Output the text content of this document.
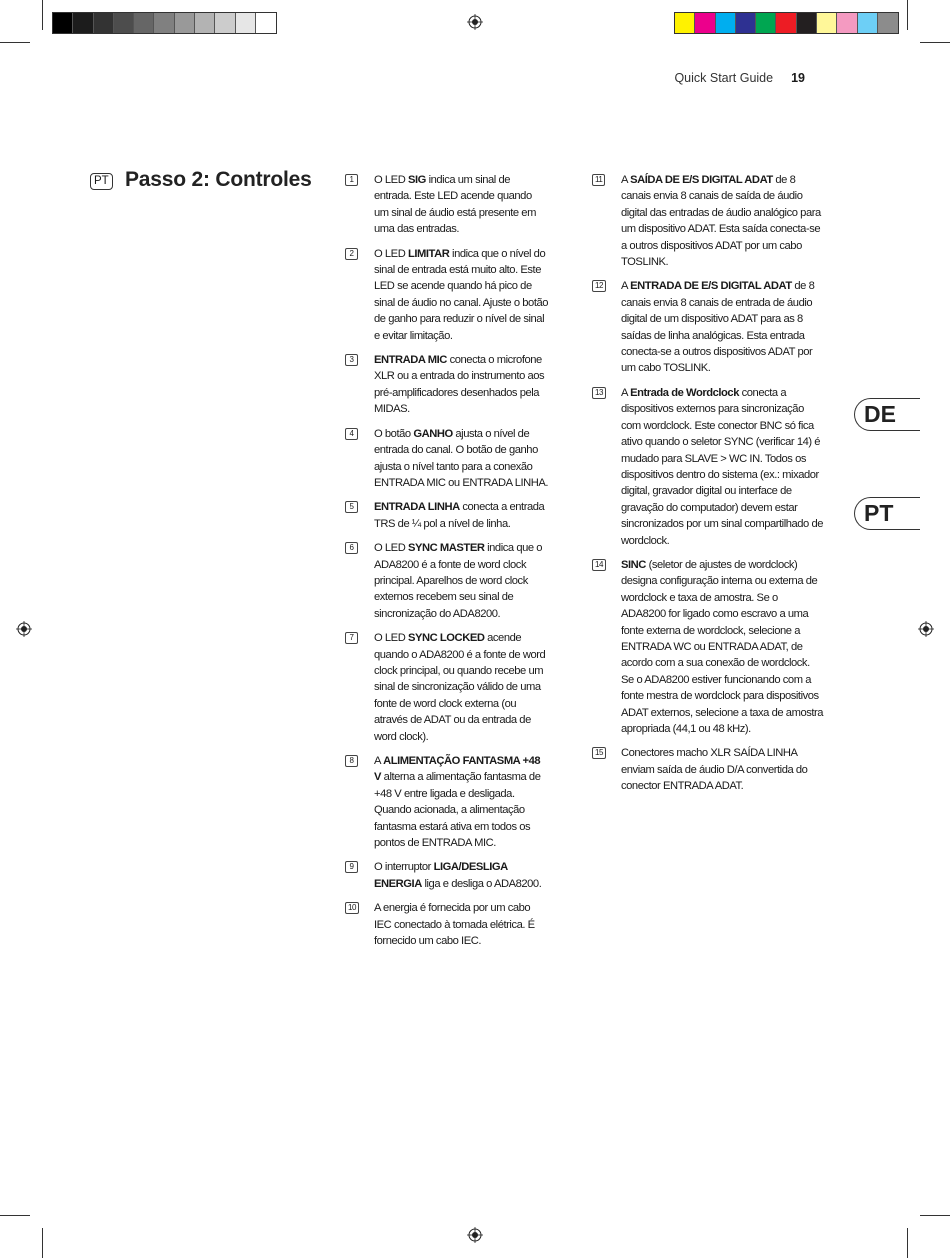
Quick Start Guide 19
PT Passo 2: Controles	1	O LED SIG indica um sinal de entrada. Este LED acende quando um sinal de áudio está presente em uma das entradas.

2	O LED LIMITAR indica que o nível do sinal de entrada está muito alto. Este LED se acende quando há pico de sinal de áudio no canal. Ajuste o botão de ganho para reduzir o nível de sinal e evitar limitação.

3	ENTRADA MIC conecta o microfone XLR ou a entrada do instrumento aos pré-amplificadores desenhados pela MIDAS.

4	O botão GANHO ajusta o nível de entrada do canal. O botão de ganho ajusta o nível tanto para a conexão ENTRADA MIC ou ENTRADA LINHA.

5	ENTRADA LINHA conecta a entrada TRS de ¼ pol a nível de linha.

6	O LED SYNC MASTER indica que o ADA8200 é a fonte de word clock principal. Aparelhos de word clock externos recebem seu sinal de sincronização do ADA8200.

7	O LED SYNC LOCKED acende quando o ADA8200 é a fonte de word clock principal, ou quando recebe um sinal de sincronização válido de uma fonte de word clock externa (ou através de ADAT ou da entrada de word clock).

8	A ALIMENTAÇÃO FANTASMA +48 V alterna a alimentação fantasma de +48 V entre ligada e desligada. Quando acionada, a alimentação fantasma estará ativa em todos os pontos de ENTRADA MIC.

9	O interruptor LIGA/DESLIGA ENERGIA liga e desliga o ADA8200.

10 A energia é fornecida por um cabo IEC conectado à tomada elétrica. É fornecido um cabo IEC.

11 A SAÍDA DE E/S DIGITAL ADAT de 8 canais envia 8 canais de saída de áudio digital das entradas de áudio analógico para um dispositivo ADAT. Esta saída conecta-se a outros dispositivos ADAT por um cabo TOSLINK.

12 A ENTRADA DE E/S DIGITAL ADAT de 8 canais envia 8 canais de entrada de áudio digital de um dispositivo ADAT para as 8 saídas de linha analógicas. Esta entrada conecta-se a outros dispositivos ADAT por um cabo TOSLINK.

13 A Entrada de Wordclock conecta a dispositivos externos para sincronização com wordclock. Este conector BNC só fica ativo quando o seletor SYNC (verificar 14) é mudado para SLAVE > WC IN. Todos os dispositivos dentro do sistema (ex.: mixador digital, gravador digital ou interface de gravação do computador) devem estar sincronizados por um sinal compartilhado de wordclock.

14 SINC (seletor de ajustes de wordclock) designa configuração interna ou externa de wordclock e taxa de amostra. Se o ADA8200 for ligado como escravo a uma fonte externa de wordclock, selecione a ENTRADA WC ou ENTRADA ADAT, de acordo com a sua conexão de wordclock. Se o ADA8200 estiver funcionando com a fonte mestra de wordclock para dispositivos ADAT externos, selecione a taxa de amostra apropriada (44,1 ou 48 kHz).

15 Conectores macho XLR SAÍDA LINHA enviam saída de áudio D/A convertida do conector ENTRADA ADAT.

DE
PT
